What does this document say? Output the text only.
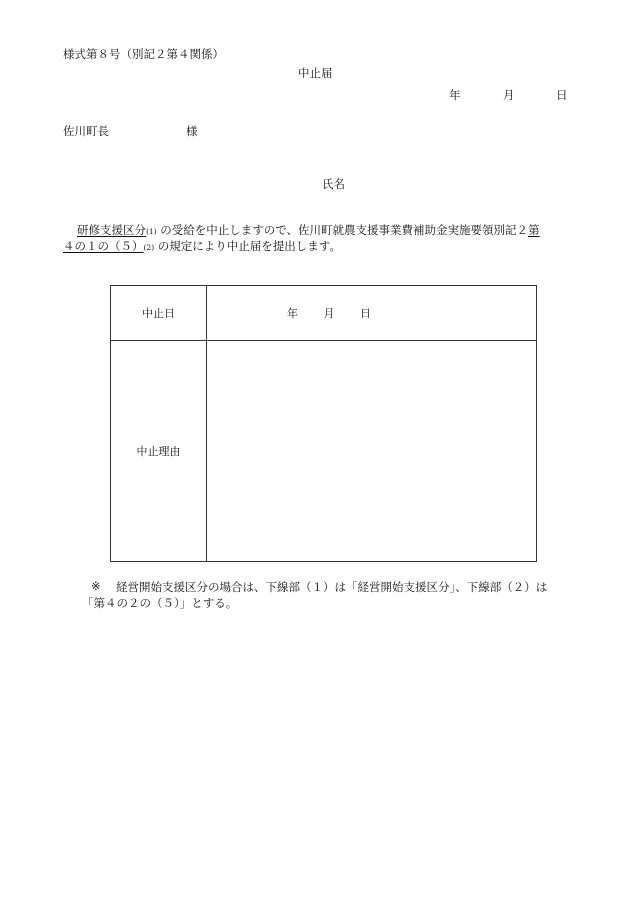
様式第８号（別記２第４関係）
中止届
年	月	日
佐川町長	様
氏名
研修支援区分(1) の受給を中止しますので、佐川町就農支援事業費補助金実施要領別記２第
４の１の（５）(2) の規定により中止届を提出します。
中止日	年 月 日

中止理由	
※ 経営開始支援区分の場合は、下線部（１）は「経営開始支援区分」、下線部（２）は
「第４の２の（５）」とする。
